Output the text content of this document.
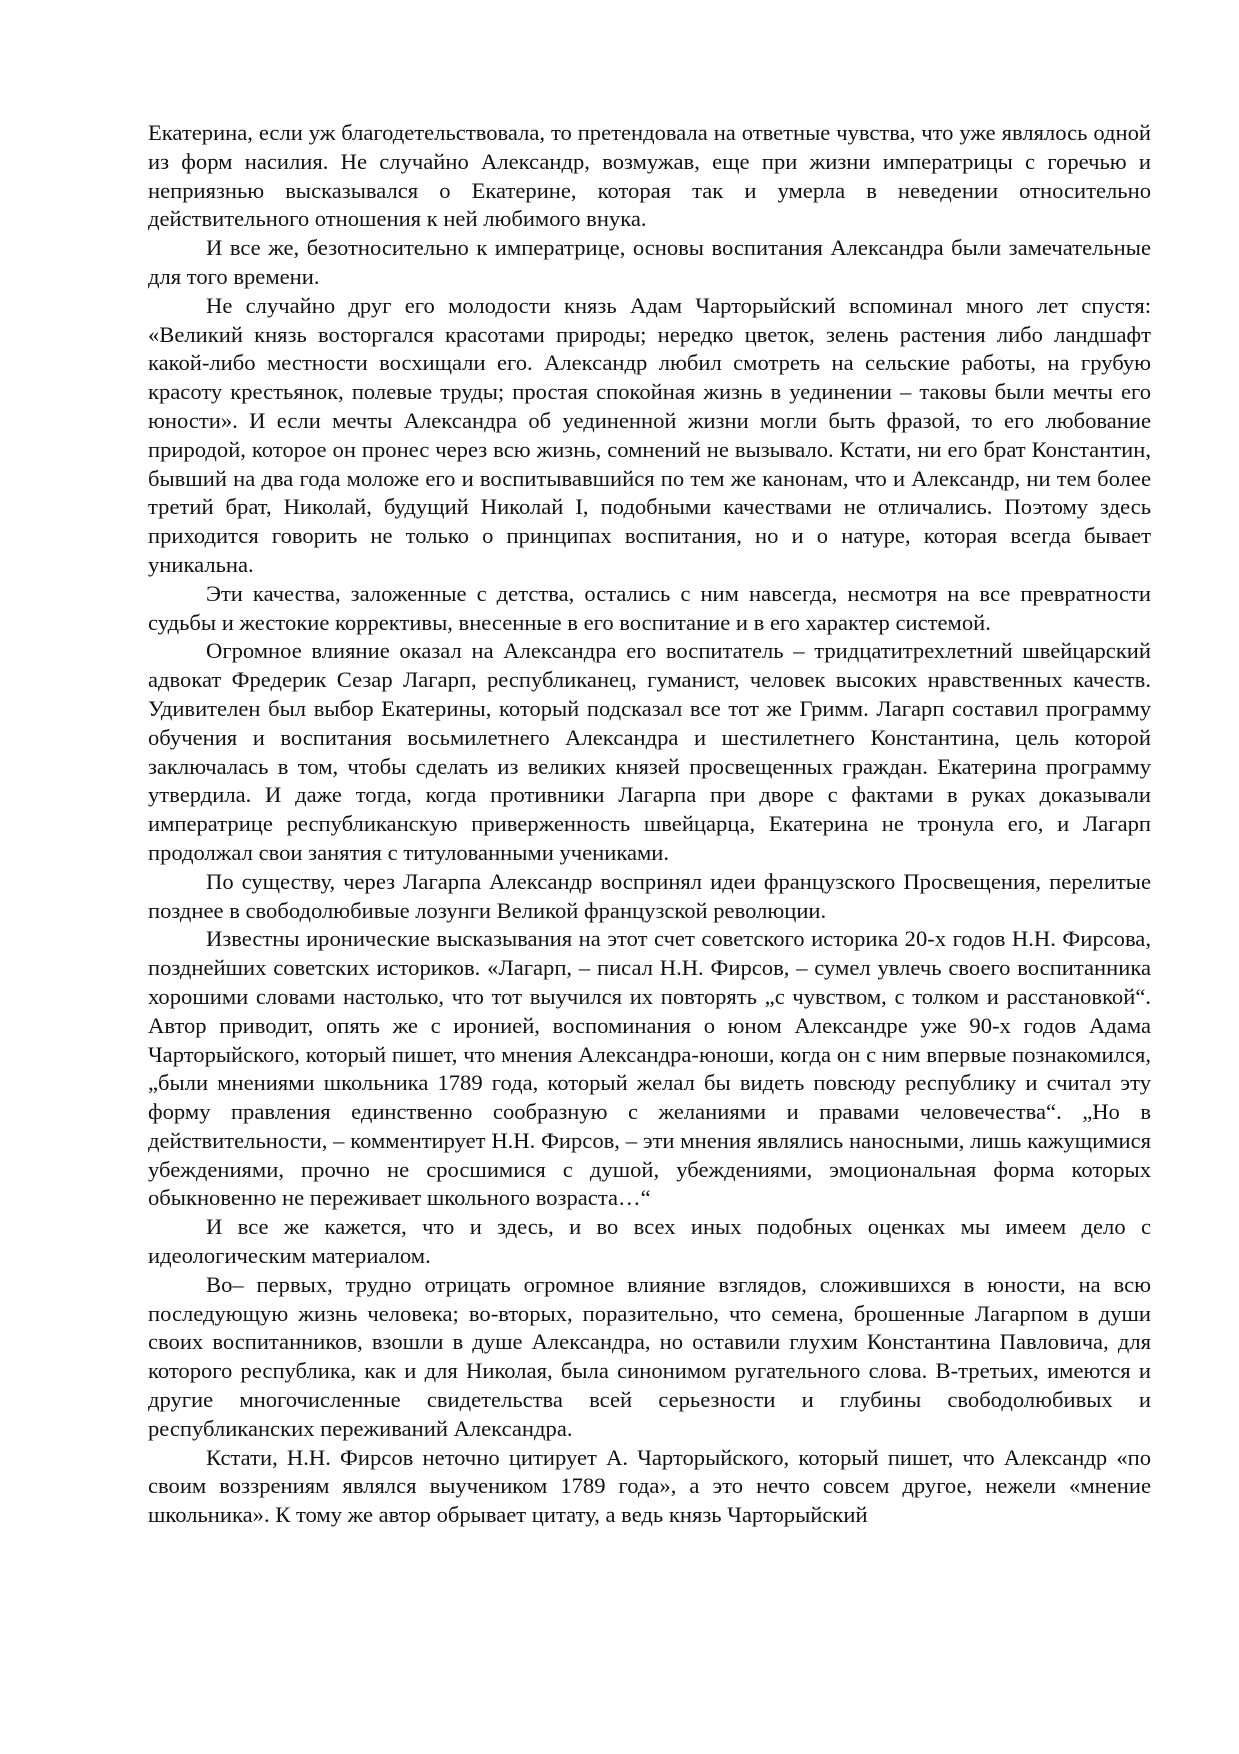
Екатерина, если уж благодетельствовала, то претендовала на ответные чувства, что уже являлось одной из форм насилия. Не случайно Александр, возмужав, еще при жизни императрицы с горечью и неприязнью высказывался о Екатерине, которая так и умерла в неведении относительно действительного отношения к ней любимого внука.

И все же, безотносительно к императрице, основы воспитания Александра были замечательные для того времени.

Не случайно друг его молодости князь Адам Чарторыйский вспоминал много лет спустя: «Великий князь восторгался красотами природы; нередко цветок, зелень растения либо ландшафт какой-либо местности восхищали его. Александр любил смотреть на сельские работы, на грубую красоту крестьянок, полевые труды; простая спокойная жизнь в уединении – таковы были мечты его юности». И если мечты Александра об уединенной жизни могли быть фразой, то его любование природой, которое он пронес через всю жизнь, сомнений не вызывало. Кстати, ни его брат Константин, бывший на два года моложе его и воспитывавшийся по тем же канонам, что и Александр, ни тем более третий брат, Николай, будущий Николай I, подобными качествами не отличались. Поэтому здесь приходится говорить не только о принципах воспитания, но и о натуре, которая всегда бывает уникальна.

Эти качества, заложенные с детства, остались с ним навсегда, несмотря на все превратности судьбы и жестокие коррективы, внесенные в его воспитание и в его характер системой.

Огромное влияние оказал на Александра его воспитатель – тридцатитрехлетний швейцарский адвокат Фредерик Сезар Лагарп, республиканец, гуманист, человек высоких нравственных качеств. Удивителен был выбор Екатерины, который подсказал все тот же Гримм. Лагарп составил программу обучения и воспитания восьмилетнего Александра и шестилетнего Константина, цель которой заключалась в том, чтобы сделать из великих князей просвещенных граждан. Екатерина программу утвердила. И даже тогда, когда противники Лагарпа при дворе с фактами в руках доказывали императрице республиканскую приверженность швейцарца, Екатерина не тронула его, и Лагарп продолжал свои занятия с титулованными учениками.

По существу, через Лагарпа Александр воспринял идеи французского Просвещения, перелитые позднее в свободолюбивые лозунги Великой французской революции.

Известны иронические высказывания на этот счет советского историка 20-х годов Н.Н. Фирсова, позднейших советских историков. «Лагарп, – писал Н.Н. Фирсов, – сумел увлечь своего воспитанника хорошими словами настолько, что тот выучился их повторять „с чувством, с толком и расстановкой“. Автор приводит, опять же с иронией, воспоминания о юном Александре уже 90-х годов Адама Чарторыйского, который пишет, что мнения Александра-юноши, когда он с ним впервые познакомился, „были мнениями школьника 1789 года, который желал бы видеть повсюду республику и считал эту форму правления единственно сообразную с желаниями и правами человечества“. „Но в действительности, – комментирует Н.Н. Фирсов, – эти мнения являлись наносными, лишь кажущимися убеждениями, прочно не сросшимися с душой, убеждениями, эмоциональная форма которых обыкновенно не переживает школьного возраста…“

И все же кажется, что и здесь, и во всех иных подобных оценках мы имеем дело с идеологическим материалом.

Во– первых, трудно отрицать огромное влияние взглядов, сложившихся в юности, на всю последующую жизнь человека; во-вторых, поразительно, что семена, брошенные Лагарпом в души своих воспитанников, взошли в душе Александра, но оставили глухим Константина Павловича, для которого республика, как и для Николая, была синонимом ругательного слова. В-третьих, имеются и другие многочисленные свидетельства всей серьезности и глубины свободолюбивых и республиканских переживаний Александра.

Кстати, Н.Н. Фирсов неточно цитирует А. Чарторыйского, который пишет, что Александр «по своим воззрениям являлся выучеником 1789 года», а это нечто совсем другое, нежели «мнение школьника». К тому же автор обрывает цитату, а ведь князь Чарторыйский
